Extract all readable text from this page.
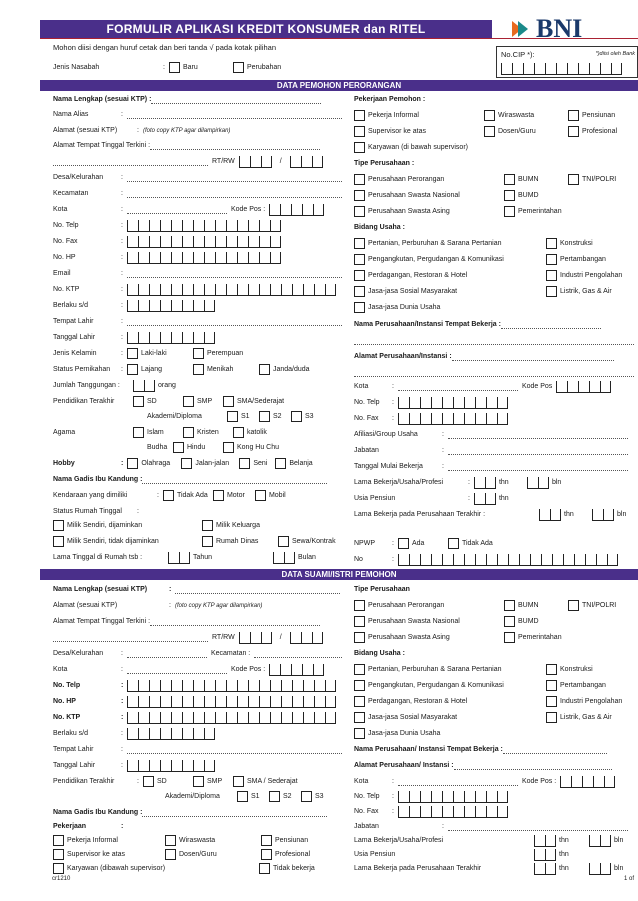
FORMULIR APLIKASI KREDIT KONSUMER dan RITEL	BNI
Mohon diisi dengan huruf cetak dan beri tanda √ pada kotak pilihan
No.CIP *):	*)diisi oleh Bank
Jenis Nasabah	:	Baru	Perubahan
DATA PEMOHON PERORANGAN
Nama Lengkap (sesuai KTP) :
Nama Alias	:
Alamat (sesuai KTP)	: (foto copy KTP agar dilampirkan)
Alamat Tempat Tinggal Terkini :
RT/RW	/
Desa/Kelurahan	:
Kecamatan	:
Kota	:	Kode Pos :
No. Telp	:
No. Fax	:
No. HP	:
Email	:
No. KTP	:
Berlaku s/d	:
Tempat Lahir	:
Tanggal Lahir	:
Jenis Kelamin	:	Laki-laki	Perempuan
Status Pernikahan	:	Lajang	Menikah	Janda/duda
Jumlah Tanggungan :	orang
Pendidikan Terakhir	SD	SMP	SMA/Sederajat
Akademi/Diploma	S1	S2	S3
Agama	Islam	Kristen	katolik
Budha	Hindu	Kong Hu Chu
Hobby	:	Olahraga	Jalan-jalan	Seni	Belanja
Nama Gadis Ibu Kandung :
Kendaraan yang dimiliki	:	Tidak Ada	Motor	Mobil
Status Rumah Tinggal	:
Milik Sendiri, dijaminkan	Milik Keluarga
Milik Sendiri, tidak dijaminkan	Rumah Dinas	Sewa/Kontrak
Lama Tinggal di Rumah tsb :	Tahun	Bulan
Pekerjaan Pemohon :
Pekerja Informal	Wiraswasta	Pensiunan
Supervisor ke atas	Dosen/Guru	Profesional
Karyawan (di bawah supervisor)
Tipe Perusahaan :
Perusahaan Perorangan	BUMN	TNI/POLRI
Perusahaan Swasta Nasional	BUMD
Perusahaan Swasta Asing	Pemerintahan
Bidang Usaha :
Pertanian, Perburuhan & Sarana Pertanian	Konstruksi
Pengangkutan, Pergudangan & Komunikasi	Pertambangan
Perdagangan, Restoran & Hotel	Industri Pengolahan
Jasa-jasa Sosial Masyarakat	Listrik, Gas & Air
Jasa-jasa Dunia Usaha
Nama Perusahaan/Instansi Tempat Bekerja :
Alamat Perusahaan/Instansi :
Kota	:	Kode Pos
No. Telp	:
No. Fax	:
Afiliasi/Group Usaha	:
Jabatan	:
Tanggal Mulai Bekerja	:
Lama Bekerja/Usaha/Profesi	:	thn	bln
Usia Pensiun	:	thn
Lama Bekerja pada Perusahaan Terakhir :	thn	bln
NPWP	:	Ada	Tidak Ada
No	:
DATA SUAMI/ISTRI PEMOHON
Nama Lengkap (sesuai KTP)	:
Alamat (sesuai KTP)	: (foto copy KTP agar dilampirkan)
Alamat Tempat Tinggal Terkini :
RT/RW	/
Desa/Kelurahan	:	Kecamatan :
Kota	:	Kode Pos :
No. Telp	:
No. HP	:
No. KTP	:
Berlaku s/d	:
Tempat Lahir	:
Tanggal Lahir	:
Pendidikan Terakhir	:	SD	SMP	SMA / Sederajat
Akademi/Diploma	S1	S2	S3
Nama Gadis Ibu Kandung :
Pekerjaan	:
Pekerja Informal	Wiraswasta	Pensiunan
Supervisor ke atas	Dosen/Guru	Profesional
Karyawan (dibawah supervisor)	Tidak bekerja
Tipe Perusahaan
Perusahaan Perorangan	BUMN	TNI/POLRI
Perusahaan Swasta Nasional	BUMD
Perusahaan Swasta Asing	Pemerintahan
Bidang Usaha :
Pertanian, Perburuhan & Sarana Pertanian	Konstruksi
Pengangkutan, Pergudangan & Komunikasi	Pertambangan
Perdagangan, Restoran & Hotel	Industri Pengolahan
Jasa-jasa Sosial Masyarakat	Listrik, Gas & Air
Jasa-jasa Dunia Usaha
Nama Perusahaan/ Instansi Tempat Bekerja :
Alamat Perusahaan/ Instansi :
Kota	:	Kode Pos :
No. Telp	:
No. Fax	:
Jabatan	:
Lama Bekerja/Usaha/Profesi	thn	bln
Usia Pensiun	thn
Lama Bekerja pada Perusahaan Terakhir	thn	bln
cr1210	1 of
